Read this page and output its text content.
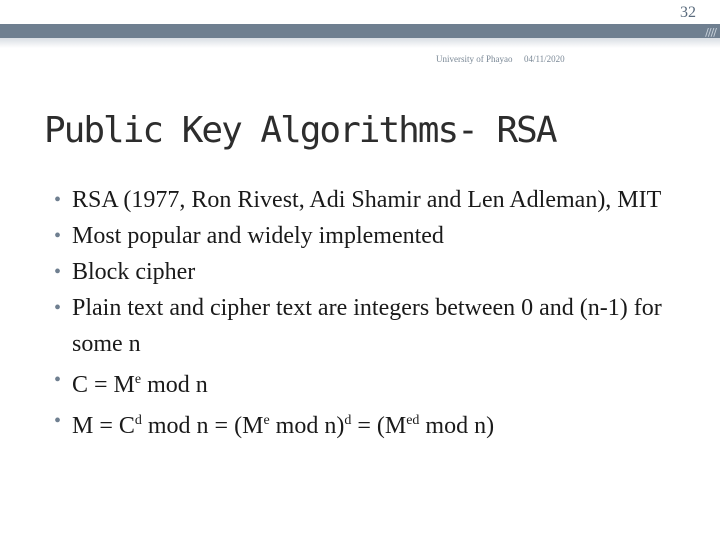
32
////
University of Phayao 04/11/2020
Public Key Algorithms- RSA
• RSA (1977, Ron Rivest, Adi Shamir and Len Adleman), MIT
• Most popular and widely implemented
• Block cipher
• Plain text and cipher text are integers between 0 and (n-1) for some n
• $C = M^e$ mod n
• $M = C^d$ mod $n = (M^e$ mod $n)^d = (M^{ed}$ mod n)
